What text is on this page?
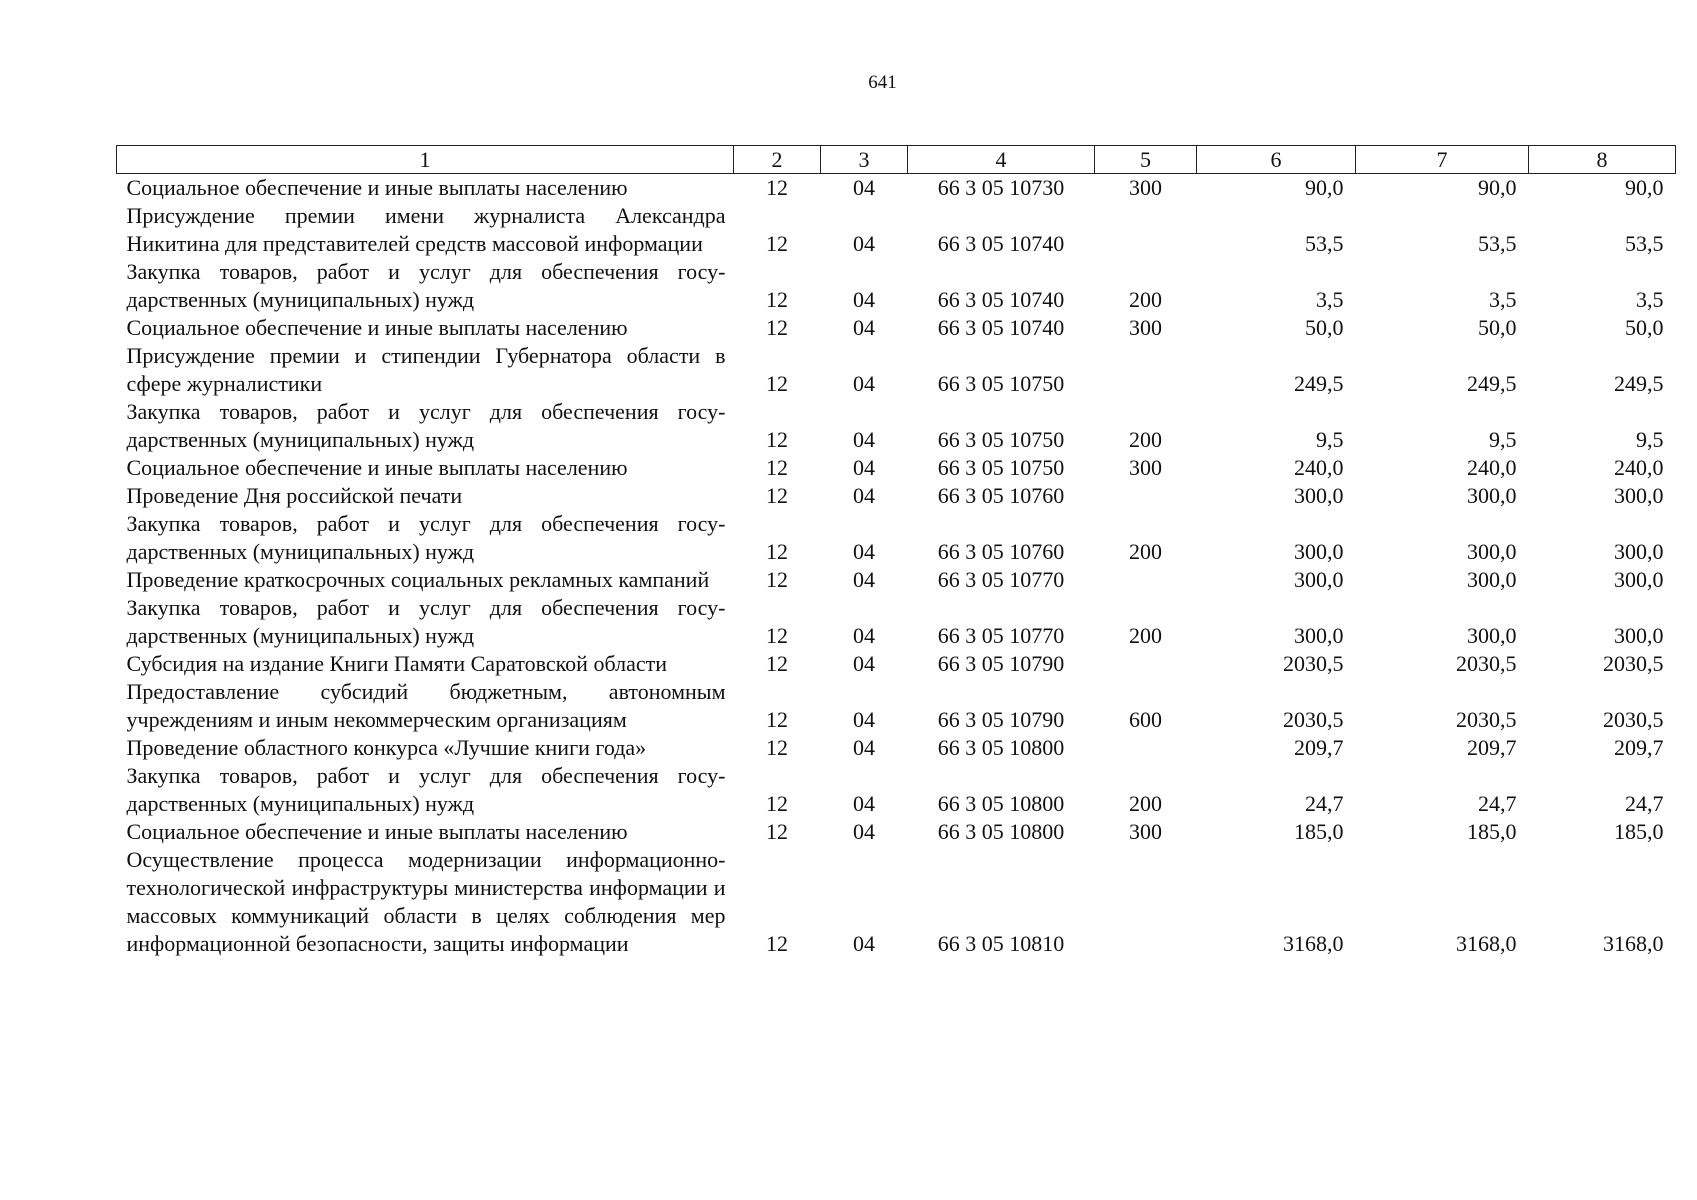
641
1	2	3	4	5	6	7	8
Социальное обеспечение и иные выплаты населению	12	04	66 3 05 10730	300	90,0	90,0	90,0
Присуждение премии имени журналиста Александра Никитина для представителей средств массовой информации	12	04	66 3 05 10740		53,5	53,5	53,5
Закупка товаров, работ и услуг для обеспечения государственных (муниципальных) нужд	12	04	66 3 05 10740	200	3,5	3,5	3,5
Социальное обеспечение и иные выплаты населению	12	04	66 3 05 10740	300	50,0	50,0	50,0
Присуждение премии и стипендии Губернатора области в сфере журналистики	12	04	66 3 05 10750		249,5	249,5	249,5
Закупка товаров, работ и услуг для обеспечения государственных (муниципальных) нужд	12	04	66 3 05 10750	200	9,5	9,5	9,5
Социальное обеспечение и иные выплаты населению	12	04	66 3 05 10750	300	240,0	240,0	240,0
Проведение Дня российской печати	12	04	66 3 05 10760		300,0	300,0	300,0
Закупка товаров, работ и услуг для обеспечения государственных (муниципальных) нужд	12	04	66 3 05 10760	200	300,0	300,0	300,0
Проведение краткосрочных социальных рекламных кампаний	12	04	66 3 05 10770		300,0	300,0	300,0
Закупка товаров, работ и услуг для обеспечения государственных (муниципальных) нужд	12	04	66 3 05 10770	200	300,0	300,0	300,0
Субсидия на издание Книги Памяти Саратовской области	12	04	66 3 05 10790		2030,5	2030,5	2030,5
Предоставление субсидий бюджетным, автономным учреждениям и иным некоммерческим организациям	12	04	66 3 05 10790	600	2030,5	2030,5	2030,5
Проведение областного конкурса «Лучшие книги года»	12	04	66 3 05 10800		209,7	209,7	209,7
Закупка товаров, работ и услуг для обеспечения государственных (муниципальных) нужд	12	04	66 3 05 10800	200	24,7	24,7	24,7
Социальное обеспечение и иные выплаты населению	12	04	66 3 05 10800	300	185,0	185,0	185,0
Осуществление процесса модернизации информационно-технологической инфраструктуры министерства информации и массовых коммуникаций области в целях соблюдения мер информационной безопасности, защиты информации	12	04	66 3 05 10810		3168,0	3168,0	3168,0
